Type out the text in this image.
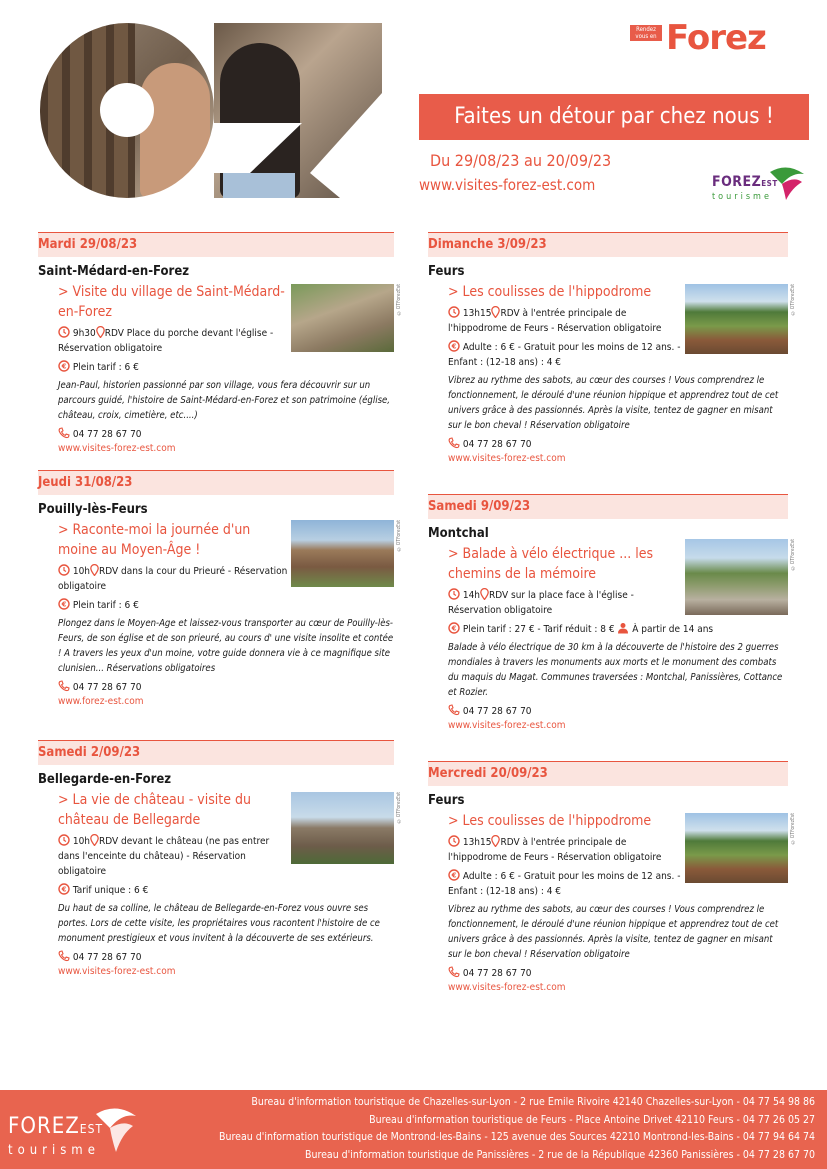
Rendez vous en Forez
Faites un détour par chez nous !
Du 29/08/23 au 20/09/23
www.visites-forez-est.com	FOREZEST
tourisme
Mardi 29/08/23
Saint-Médard-en-Forez
©OTForezEst
> Visite du village de Saint-Médard-en-Forez
9h30 RDV Place du porche devant l'église - Réservation obligatoire
€ Plein tarif : 6 €
Jean-Paul, historien passionné par son village, vous fera découvrir sur un parcours guidé, l'histoire de Saint-Médard-en-Forez et son patrimoine (église, château, croix, cimetière, etc....)
04 77 28 67 70
www.visites-forez-est.com
Jeudi 31/08/23
Pouilly-lès-Feurs
©OTForezEst
> Raconte-moi la journée d'un moine au Moyen-Âge !
10h RDV dans la cour du Prieuré - Réservation obligatoire
€ Plein tarif : 6 €
Plongez dans le Moyen-Age et laissez-vous transporter au cœur de Pouilly-lès-Feurs, de son église et de son prieuré, au cours d' une visite insolite et contée ! A travers les yeux d'un moine, votre guide donnera vie à ce magnifique site clunisien... Réservations obligatoires
04 77 28 67 70
www.forez-est.com
Samedi 2/09/23
Bellegarde-en-Forez
©OTForezEst
> La vie de château - visite du château de Bellegarde
10h RDV devant le château (ne pas entrer dans l'enceinte du château) - Réservation obligatoire
€ Tarif unique : 6 €
Du haut de sa colline, le château de Bellegarde-en-Forez vous ouvre ses portes. Lors de cette visite, les propriétaires vous racontent l'histoire de ce monument prestigieux et vous invitent à la découverte de ses extérieurs.
04 77 28 67 70
www.visites-forez-est.com
Dimanche 3/09/23
Feurs
©OTForezEst
> Les coulisses de l'hippodrome
13h15 RDV à l'entrée principale de l'hippodrome de Feurs - Réservation obligatoire
€ Adulte : 6 € - Gratuit pour les moins de 12 ans. - Enfant : (12-18 ans) : 4 €
Vibrez au rythme des sabots, au cœur des courses ! Vous comprendrez le fonctionnement, le déroulé d'une réunion hippique et apprendrez tout de cet univers grâce à des passionnés. Après la visite, tentez de gagner en misant sur le bon cheval ! Réservation obligatoire
04 77 28 67 70
www.visites-forez-est.com
Samedi 9/09/23
Montchal
©OTForezEst
> Balade à vélo électrique ... les chemins de la mémoire
14h RDV sur la place face à l'église - Réservation obligatoire
€ Plein tarif : 27 € - Tarif réduit : 8 € À partir de 14 ans
Balade à vélo électrique de 30 km à la découverte de l'histoire des 2 guerres mondiales à travers les monuments aux morts et le monument des combats du maquis du Magat. Communes traversées : Montchal, Panissières, Cottance et Rozier.
04 77 28 67 70
www.visites-forez-est.com
Mercredi 20/09/23
Feurs
©OTForezEst
> Les coulisses de l'hippodrome
13h15 RDV à l'entrée principale de l'hippodrome de Feurs - Réservation obligatoire
€ Adulte : 6 € - Gratuit pour les moins de 12 ans. - Enfant : (12-18 ans) : 4 €
Vibrez au rythme des sabots, au cœur des courses ! Vous comprendrez le fonctionnement, le déroulé d'une réunion hippique et apprendrez tout de cet univers grâce à des passionnés. Après la visite, tentez de gagner en misant sur le bon cheval ! Réservation obligatoire
04 77 28 67 70
www.visites-forez-est.com
FOREZEST
tourisme
Bureau d'information touristique de Chazelles-sur-Lyon - 2 rue Emile Rivoire 42140 Chazelles-sur-Lyon - 04 77 54 98 86
Bureau d'information touristique de Feurs - Place Antoine Drivet 42110 Feurs - 04 77 26 05 27
Bureau d'information touristique de Montrond-les-Bains - 125 avenue des Sources 42210 Montrond-les-Bains - 04 77 94 64 74
Bureau d'information touristique de Panissières - 2 rue de la République 42360 Panissières - 04 77 28 67 70
